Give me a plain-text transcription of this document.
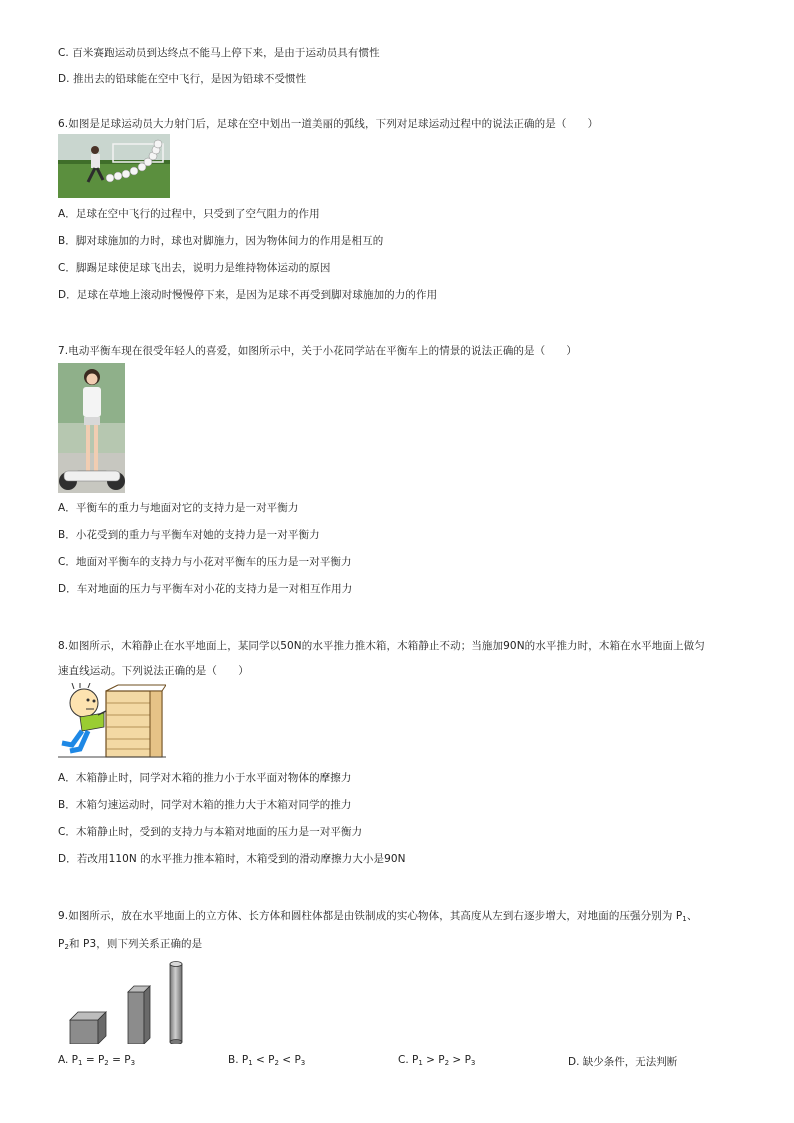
C. 百米赛跑运动员到达终点不能马上停下来，是由于运动员具有惯性
D. 推出去的铅球能在空中飞行，是因为铅球不受惯性
6.如图是足球运动员大力射门后，足球在空中划出一道美丽的弧线，下列对足球运动过程中的说法正确的是（　　）
A．足球在空中飞行的过程中，只受到了空气阻力的作用
B．脚对球施加的力时，球也对脚施力，因为物体间力的作用是相互的
C．脚踢足球使足球飞出去，说明力是维持物体运动的原因
D．足球在草地上滚动时慢慢停下来，是因为足球不再受到脚对球施加的力的作用
7.电动平衡车现在很受年轻人的喜爱，如图所示中，关于小花同学站在平衡车上的情景的说法正确的是（　　）
A．平衡车的重力与地面对它的支持力是一对平衡力
B．小花受到的重力与平衡车对她的支持力是一对平衡力
C．地面对平衡车的支持力与小花对平衡车的压力是一对平衡力
D．车对地面的压力与平衡车对小花的支持力是一对相互作用力
8.如图所示，木箱静止在水平地面上，某同学以50N的水平推力推木箱，木箱静止不动；当施加90N的水平推力时，木箱在水平地面上做匀
速直线运动。下列说法正确的是（　　）
A．木箱静止时，同学对木箱的推力小于水平面对物体的摩擦力
B．木箱匀速运动时，同学对木箱的推力大于木箱对同学的推力
C．木箱静止时，受到的支持力与本箱对地面的压力是一对平衡力
D．若改用110N 的水平推力推本箱时，木箱受到的滑动摩擦力大小是90N
9.如图所示，放在水平地面上的立方体、长方体和圆柱体都是由铁制成的实心物体，其高度从左到右逐步增大，对地面的压强分别为 $P_1$、
$P_2$和 P3，则下列关系正确的是
A. $P_1 = P_2 = P_3$	B. $P_1 < P_2 < P_3$	C. $P_1 > P_2 > P_3$	D. 缺少条件，无法判断
